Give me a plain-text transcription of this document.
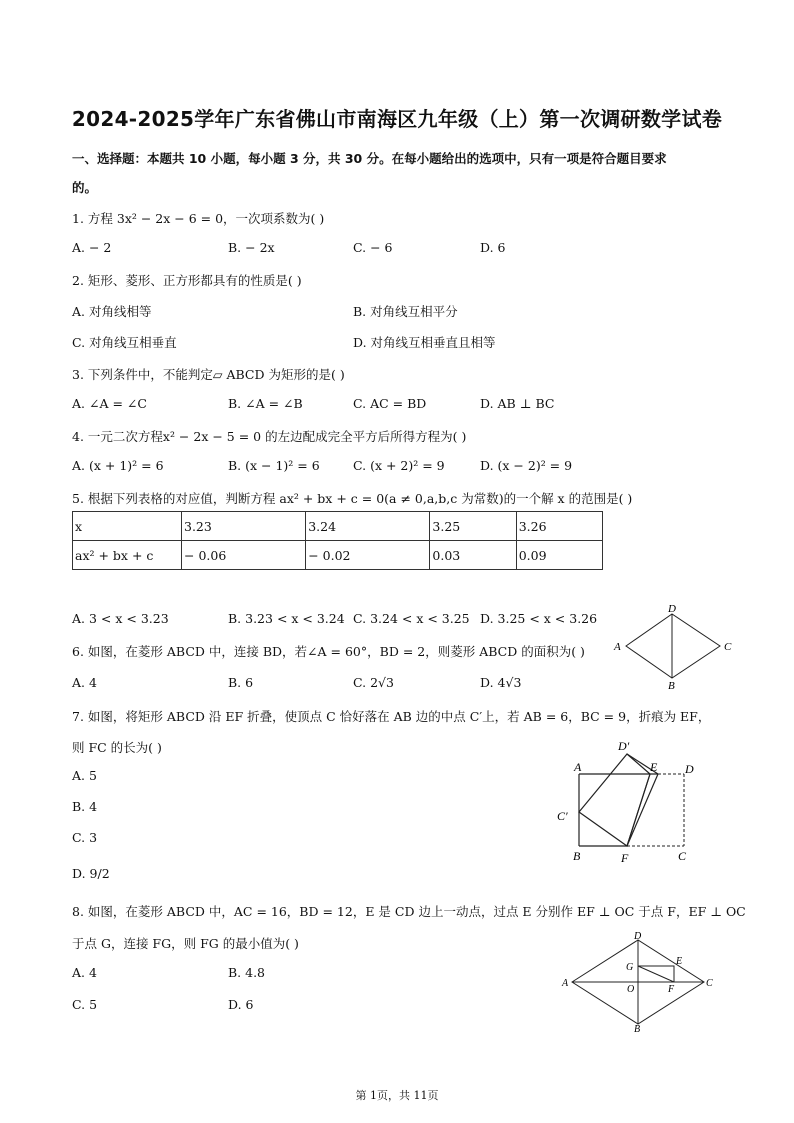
2024-2025学年广东省佛山市南海区九年级（上）第一次调研数学试卷
一、选择题：本题共 10 小题，每小题 3 分，共 30 分。在每小题给出的选项中，只有一项是符合题目要求
的。
1. 方程 3x² − 2x − 6 = 0，一次项系数为( )
A. − 2	B. − 2x	C. − 6	D. 6
2. 矩形、菱形、正方形都具有的性质是( )
A. 对角线相等	B. 对角线互相平分
C. 对角线互相垂直	D. 对角线互相垂直且相等
3. 下列条件中，不能判定▱ ABCD 为矩形的是( )
A. ∠A = ∠C	B. ∠A = ∠B	C. AC = BD	D. AB ⊥ BC
4. 一元二次方程x² − 2x − 5 = 0 的左边配成完全平方后所得方程为( )
A. (x + 1)² = 6	B. (x − 1)² = 6	C. (x + 2)² = 9	D. (x − 2)² = 9
5. 根据下列表格的对应值，判断方程 ax² + bx + c = 0(a ≠ 0,a,b,c 为常数)的一个解 x 的范围是( )
x	3.23	3.24	3.25	3.26
ax² + bx + c	− 0.06	− 0.02	0.03	0.09
A. 3 < x < 3.23	B. 3.23 < x < 3.24 C. 3.24 < x < 3.25 D. 3.25 < x < 3.26
6. 如图，在菱形 ABCD 中，连接 BD，若∠A = 60°，BD = 2，则菱形 ABCD 的面积为( )
A. 4	B. 6	C. 2√3	D. 4√3
D
A	C
B
7. 如图，将矩形 ABCD 沿 EF 折叠，使顶点 C 恰好落在 AB 边的中点 C′上，若 AB = 6，BC = 9，折痕为 EF，
则 FC 的长为( )
A. 5
B. 4
C. 3
D. 9/2
D′
A	E D
C′
B	F	C
8. 如图，在菱形 ABCD 中，AC = 16，BD = 12，E 是 CD 边上一动点，过点 E 分别作 EF ⊥ OC 于点 F，EF ⊥ OC
于点 G，连接 FG，则 FG 的最小值为( )
A. 4	B. 4.8
C. 5	D. 6
D
G
E
A
O	F
C
B
第 1页，共 11页
